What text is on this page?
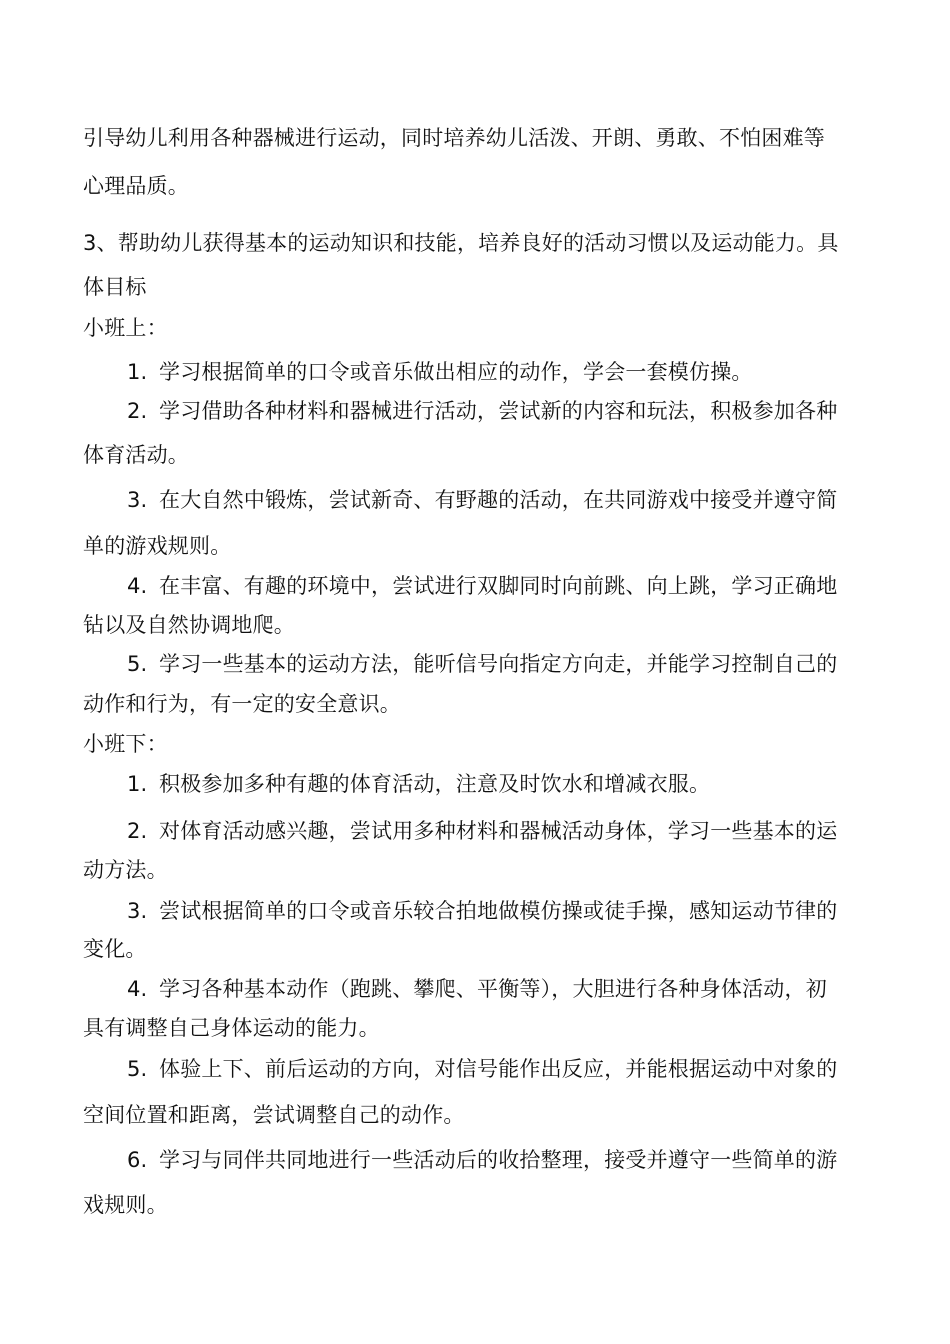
引导幼儿利用各种器械进行运动，同时培养幼儿活泼、开朗、勇敢、不怕困难等
心理品质。
3、帮助幼儿获得基本的运动知识和技能，培养良好的活动习惯以及运动能力。具
体目标
小班上：
1. 学习根据简单的口令或音乐做出相应的动作，学会一套模仿操。
2. 学习借助各种材料和器械进行活动，尝试新的内容和玩法，积极参加各种
体育活动。
3. 在大自然中锻炼，尝试新奇、有野趣的活动，在共同游戏中接受并遵守简
单的游戏规则。
4. 在丰富、有趣的环境中，尝试进行双脚同时向前跳、向上跳，学习正确地
钻以及自然协调地爬。
5. 学习一些基本的运动方法，能听信号向指定方向走，并能学习控制自己的
动作和行为，有一定的安全意识。
小班下：
1. 积极参加多种有趣的体育活动，注意及时饮水和增减衣服。
2. 对体育活动感兴趣，尝试用多种材料和器械活动身体，学习一些基本的运
动方法。
3. 尝试根据简单的口令或音乐较合拍地做模仿操或徒手操，感知运动节律的
变化。
4. 学习各种基本动作（跑跳、攀爬、平衡等），大胆进行各种身体活动，初
具有调整自己身体运动的能力。
5. 体验上下、前后运动的方向，对信号能作出反应，并能根据运动中对象的
空间位置和距离，尝试调整自己的动作。
6. 学习与同伴共同地进行一些活动后的收拾整理，接受并遵守一些简单的游
戏规则。
